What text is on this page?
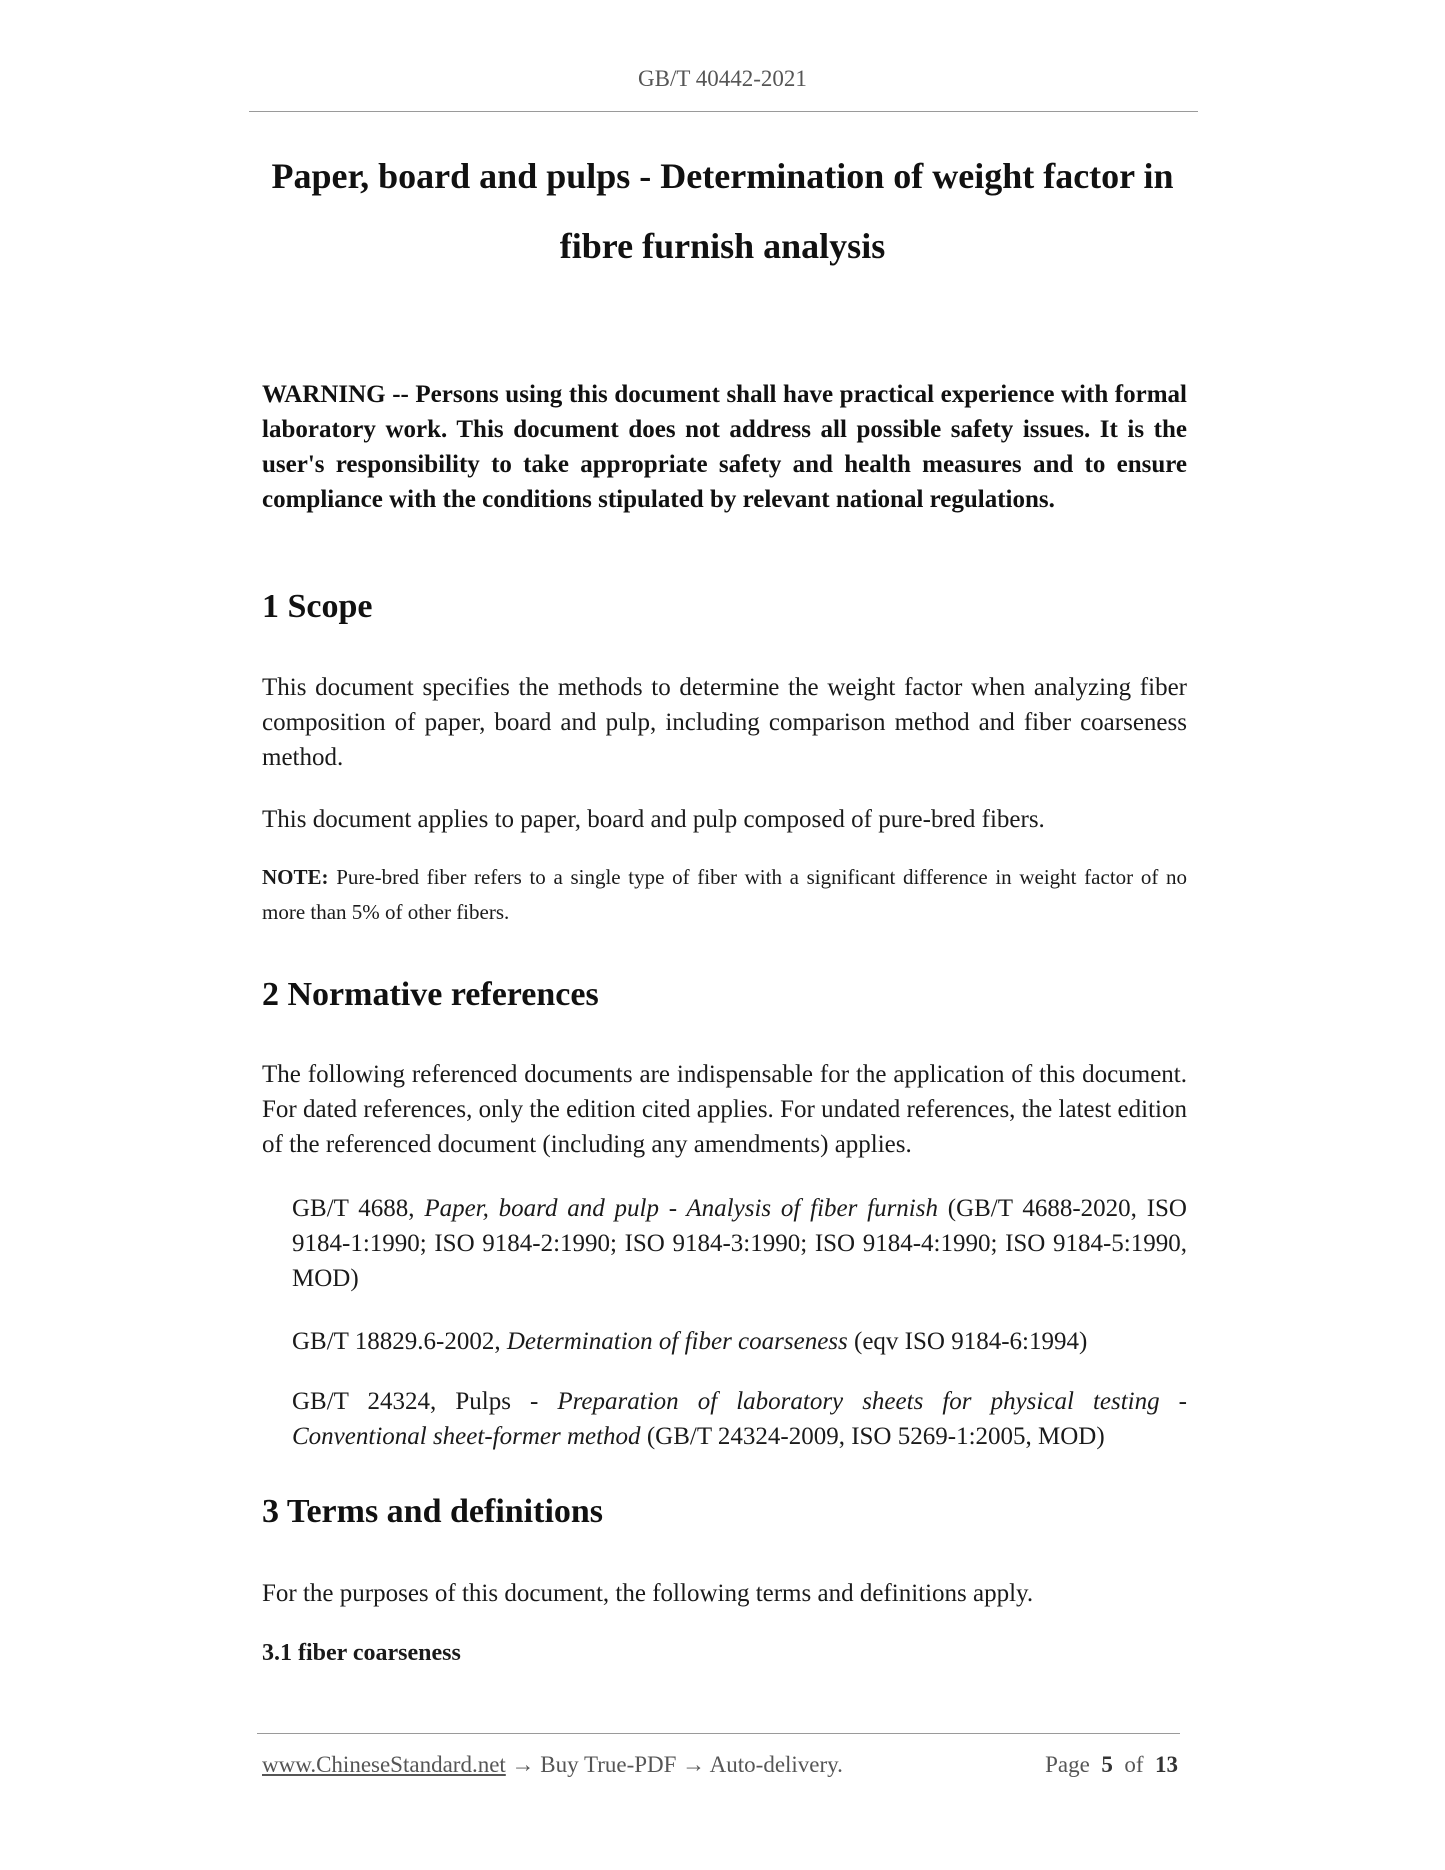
GB/T 40442-2021
Paper, board and pulps - Determination of weight factor in
fibre furnish analysis

WARNING -- Persons using this document shall have practical experience with formal laboratory work. This document does not address all possible safety issues. It is the user's responsibility to take appropriate safety and health measures and to ensure compliance with the conditions stipulated by relevant national regulations.

1 Scope

This document specifies the methods to determine the weight factor when analyzing fiber composition of paper, board and pulp, including comparison method and fiber coarseness method.

This document applies to paper, board and pulp composed of pure-bred fibers.

NOTE: Pure-bred fiber refers to a single type of fiber with a significant difference in weight factor of no more than 5% of other fibers.

2 Normative references

The following referenced documents are indispensable for the application of this document. For dated references, only the edition cited applies. For undated references, the latest edition of the referenced document (including any amendments) applies.

GB/T 4688, Paper, board and pulp - Analysis of fiber furnish (GB/T 4688-2020, ISO 9184-1:1990; ISO 9184-2:1990; ISO 9184-3:1990; ISO 9184-4:1990; ISO 9184-5:1990, MOD)

GB/T 18829.6-2002, Determination of fiber coarseness (eqv ISO 9184-6:1994)

GB/T 24324, Pulps - Preparation of laboratory sheets for physical testing - Conventional sheet-former method (GB/T 24324-2009, ISO 5269-1:2005, MOD)

3 Terms and definitions

For the purposes of this document, the following terms and definitions apply.

3.1 fiber coarseness

www.ChineseStandard.net → Buy True-PDF → Auto-delivery.	Page 5 of 13
